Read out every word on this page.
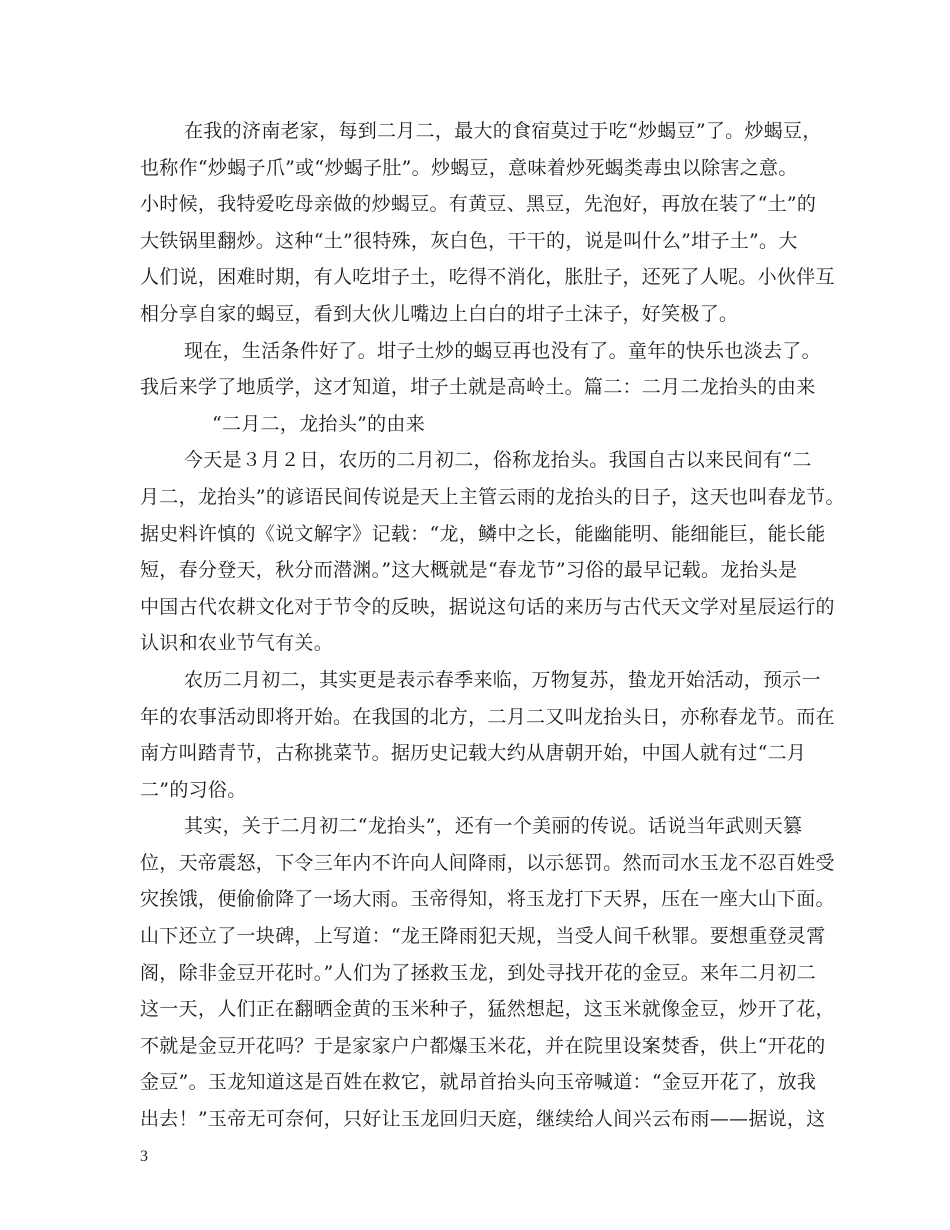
在我的济南老家，每到二月二，最大的食宿莫过于吃“炒蝎豆”了。炒蝎豆，
也称作“炒蝎子爪”或“炒蝎子肚”。炒蝎豆，意味着炒死蝎类毒虫以除害之意。
小时候，我特爱吃母亲做的炒蝎豆。有黄豆、黑豆，先泡好，再放在装了“土”的
大铁锅里翻炒。这种“土”很特殊，灰白色，干干的，说是叫什么”坩子土”。大
人们说，困难时期，有人吃坩子土，吃得不消化，胀肚子，还死了人呢。小伙伴互
相分享自家的蝎豆，看到大伙儿嘴边上白白的坩子土沫子，好笑极了。
现在，生活条件好了。坩子土炒的蝎豆再也没有了。童年的快乐也淡去了。
我后来学了地质学，这才知道，坩子土就是高岭土。篇二：二月二龙抬头的由来
“二月二，龙抬头”的由来
今天是３月２日，农历的二月初二，俗称龙抬头。我国自古以来民间有“二
月二，龙抬头”的谚语民间传说是天上主管云雨的龙抬头的日子，这天也叫春龙节。
据史料许慎的《说文解字》记载：“龙，鳞中之长，能幽能明、能细能巨，能长能
短，春分登天，秋分而潜渊。”这大概就是“春龙节”习俗的最早记载。龙抬头是
中国古代农耕文化对于节令的反映，据说这句话的来历与古代天文学对星辰运行的
认识和农业节气有关。
农历二月初二，其实更是表示春季来临，万物复苏，蛰龙开始活动，预示一
年的农事活动即将开始。在我国的北方，二月二又叫龙抬头日，亦称春龙节。而在
南方叫踏青节，古称挑菜节。据历史记载大约从唐朝开始，中国人就有过“二月
二”的习俗。
其实，关于二月初二“龙抬头”，还有一个美丽的传说。话说当年武则天篡
位，天帝震怒，下令三年内不许向人间降雨，以示惩罚。然而司水玉龙不忍百姓受
灾挨饿，便偷偷降了一场大雨。玉帝得知，将玉龙打下天界，压在一座大山下面。
山下还立了一块碑，上写道：“龙王降雨犯天规，当受人间千秋罪。要想重登灵霄
阁，除非金豆开花时。”人们为了拯救玉龙，到处寻找开花的金豆。来年二月初二
这一天，人们正在翻晒金黄的玉米种子，猛然想起，这玉米就像金豆，炒开了花，
不就是金豆开花吗？于是家家户户都爆玉米花，并在院里设案焚香，供上“开花的
金豆”。玉龙知道这是百姓在救它，就昂首抬头向玉帝喊道：“金豆开花了，放我
出去！”玉帝无可奈何，只好让玉龙回归天庭，继续给人间兴云布雨——据说，这
3
